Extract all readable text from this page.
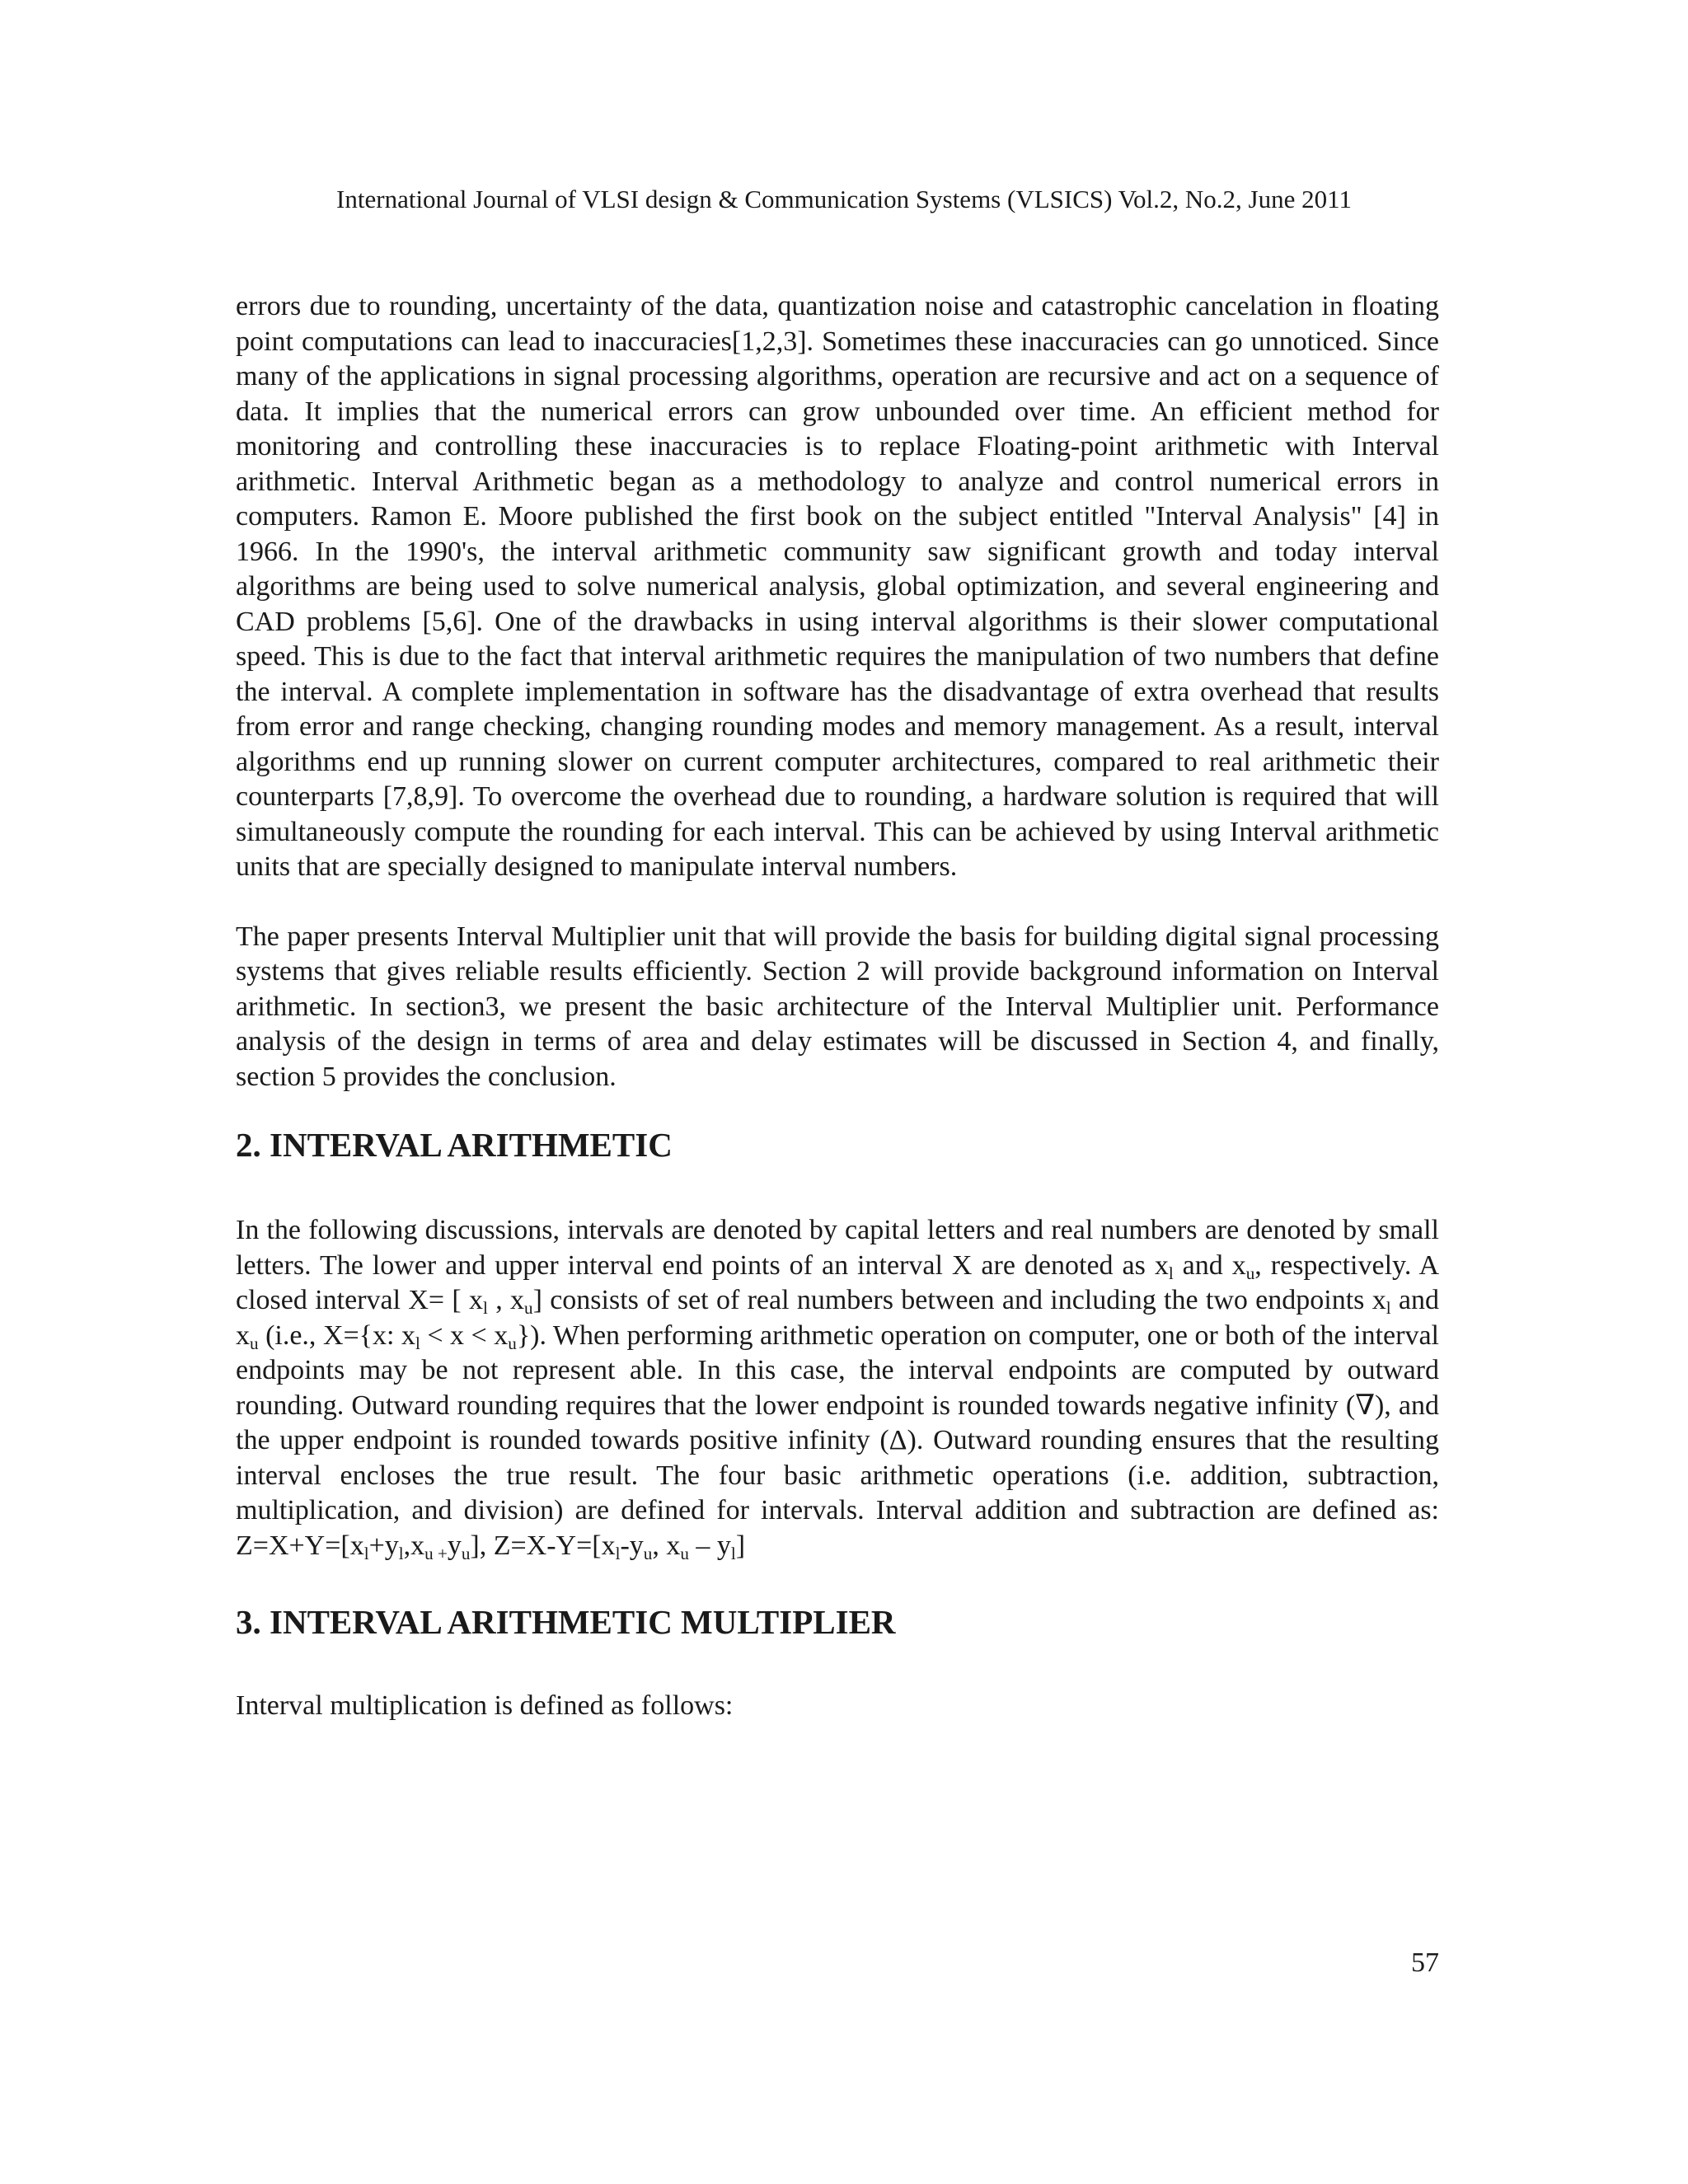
International Journal of VLSI design & Communication Systems (VLSICS) Vol.2, No.2, June 2011

errors due to rounding, uncertainty of the data, quantization noise and catastrophic cancelation in floating point computations can lead to inaccuracies[1,2,3]. Sometimes these inaccuracies can go unnoticed. Since many of the applications in signal processing algorithms, operation are recursive and act on a sequence of data. It implies that the numerical errors can grow unbounded over time. An efficient method for monitoring and controlling these inaccuracies is to replace Floating-point arithmetic with Interval arithmetic. Interval Arithmetic began as a methodology to analyze and control numerical errors in computers. Ramon E. Moore published the first book on the subject entitled "Interval Analysis" [4] in 1966. In the 1990's, the interval arithmetic community saw significant growth and today interval algorithms are being used to solve numerical analysis, global optimization, and several engineering and CAD problems [5,6]. One of the drawbacks in using interval algorithms is their slower computational speed. This is due to the fact that interval arithmetic requires the manipulation of two numbers that define the interval. A complete implementation in software has the disadvantage of extra overhead that results from error and range checking, changing rounding modes and memory management. As a result, interval algorithms end up running slower on current computer architectures, compared to real arithmetic their counterparts [7,8,9]. To overcome the overhead due to rounding, a hardware solution is required that will simultaneously compute the rounding for each interval. This can be achieved by using Interval arithmetic units that are specially designed to manipulate interval numbers.

The paper presents Interval Multiplier unit that will provide the basis for building digital signal processing systems that gives reliable results efficiently. Section 2 will provide background information on Interval arithmetic. In section3, we present the basic architecture of the Interval Multiplier unit. Performance analysis of the design in terms of area and delay estimates will be discussed in Section 4, and finally, section 5 provides the conclusion.

2. INTERVAL ARITHMETIC

In the following discussions, intervals are denoted by capital letters and real numbers are denoted by small letters. The lower and upper interval end points of an interval X are denoted as $x_l$ and $x_u$, respectively. A closed interval X= [ $x_l$ , $x_u$] consists of set of real numbers between and including the two endpoints $x_l$ and $x_u$ (i.e., X={x: $x_l < x < x_u$}). When performing arithmetic operation on computer, one or both of the interval endpoints may be not represent able. In this case, the interval endpoints are computed by outward rounding. Outward rounding requires that the lower endpoint is rounded towards negative infinity (∇), and the upper endpoint is rounded towards positive infinity (Δ). Outward rounding ensures that the resulting interval encloses the true result. The four basic arithmetic operations (i.e. addition, subtraction, multiplication, and division) are defined for intervals. Interval addition and subtraction are defined as: $Z=X+Y=[x_l+y_l,x_{u +}y_u]$, $Z=X-Y=[x_l-y_u$, $x_u - y_l$]

3. INTERVAL ARITHMETIC MULTIPLIER

Interval multiplication is defined as follows:

57
